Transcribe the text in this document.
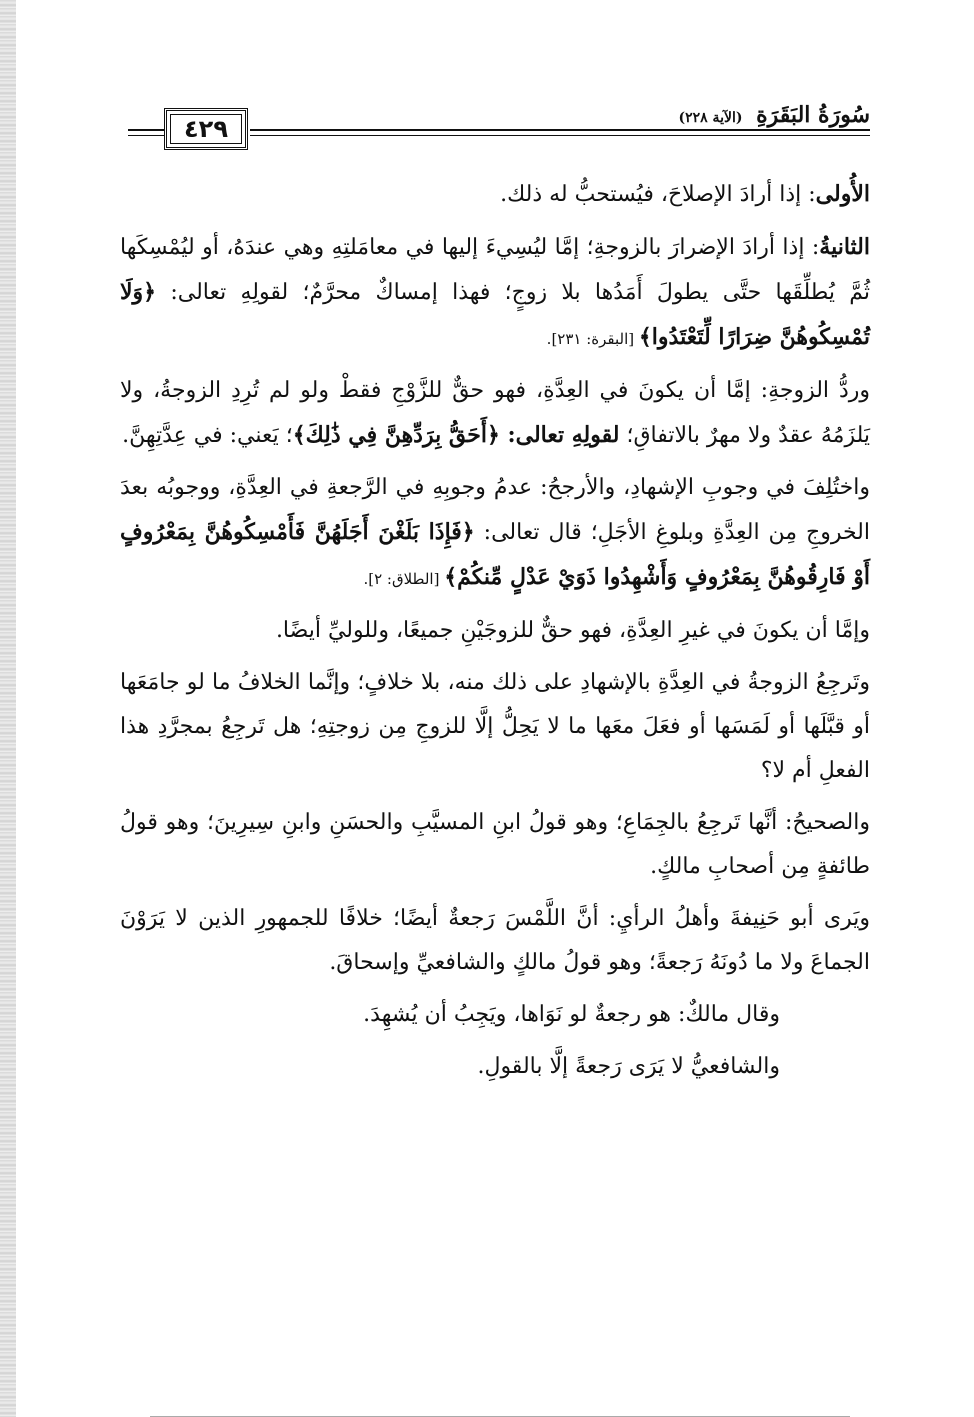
٤٢٩	سُورَةُ البَقَرَةِ (الآية ٢٢٨)

الأُولى: إذا أرادَ الإصلاحَ، فيُستحبُّ له ذلك.

الثانيةُ: إذا أرادَ الإضرارَ بالزوجةِ؛ إمَّا ليُسِيءَ إليها في معامَلتِهِ وهي عندَهُ، أو ليُمْسِكَها ثُمَّ يُطلِّقَها حتَّى يطولَ أَمَدُها بلا زوجٍ؛ فهذا إمساكٌ محرَّمٌ؛ لقولِهِ تعالى: ﴿وَلَا تُمْسِكُوهُنَّ ضِرَارًا لِّتَعْتَدُوا﴾ [البقرة: ٢٣١].

وردُّ الزوجةِ: إمَّا أن يكونَ في العِدَّةِ، فهو حقٌّ للزَّوْجِ فقطْ ولو لم تُرِدِ الزوجةُ، ولا يَلزَمُهُ عقدٌ ولا مهرٌ بالاتفاقِ؛ لقولِهِ تعالى: ﴿أَحَقُّ بِرَدِّهِنَّ فِي ذَٰلِكَ﴾؛ يَعني: في عِدَّتِهِنَّ.

واختُلِفَ في وجوبِ الإشهادِ، والأرجحُ: عدمُ وجوبِهِ في الرَّجعةِ في العِدَّةِ، ووجوبُه بعدَ الخروجِ مِن العِدَّةِ وبلوغِ الأجَلِ؛ قال تعالى: ﴿فَإِذَا بَلَغْنَ أَجَلَهُنَّ فَأَمْسِكُوهُنَّ بِمَعْرُوفٍ أَوْ فَارِقُوهُنَّ بِمَعْرُوفٍ وَأَشْهِدُوا ذَوَيْ عَدْلٍ مِّنكُمْ﴾ [الطلاق: ٢].

وإمَّا أن يكونَ في غيرِ العِدَّةِ، فهو حقٌّ للزوجَيْنِ جميعًا، وللوليِّ أيضًا.

وتَرجِعُ الزوجةُ في العِدَّةِ بالإشهادِ على ذلك منه، بلا خلافٍ؛ وإنَّما الخلافُ ما لو جامَعَها أو قبَّلَها أو لَمَسَها أو فعَلَ معَها ما لا يَحِلُّ إلَّا للزوجِ مِن زوجتِهِ؛ هل تَرجِعُ بمجرَّدِ هذا الفعلِ أم لا؟

والصحيحُ: أنَّها تَرجِعُ بالجِمَاعِ؛ وهو قولُ ابنِ المسيَّبِ والحسَنِ وابنِ سِيرِينَ؛ وهو قولُ طائفةٍ مِن أصحابِ مالكٍ.

ويَرى أبو حَنِيفةَ وأهلُ الرأيِ: أنَّ اللَّمْسَ رَجعةٌ أيضًا؛ خلافًا للجمهورِ الذين لا يَرَوْنَ الجماعَ ولا ما دُونَهُ رَجعةً؛ وهو قولُ مالكٍ والشافعيِّ وإسحاقَ.

وقال مالكٌ: هو رجعةٌ لو نَوَاها، ويَجِبُ أن يُشهِدَ.

والشافعيُّ لا يَرَى رَجعةً إلَّا بالقولِ.
